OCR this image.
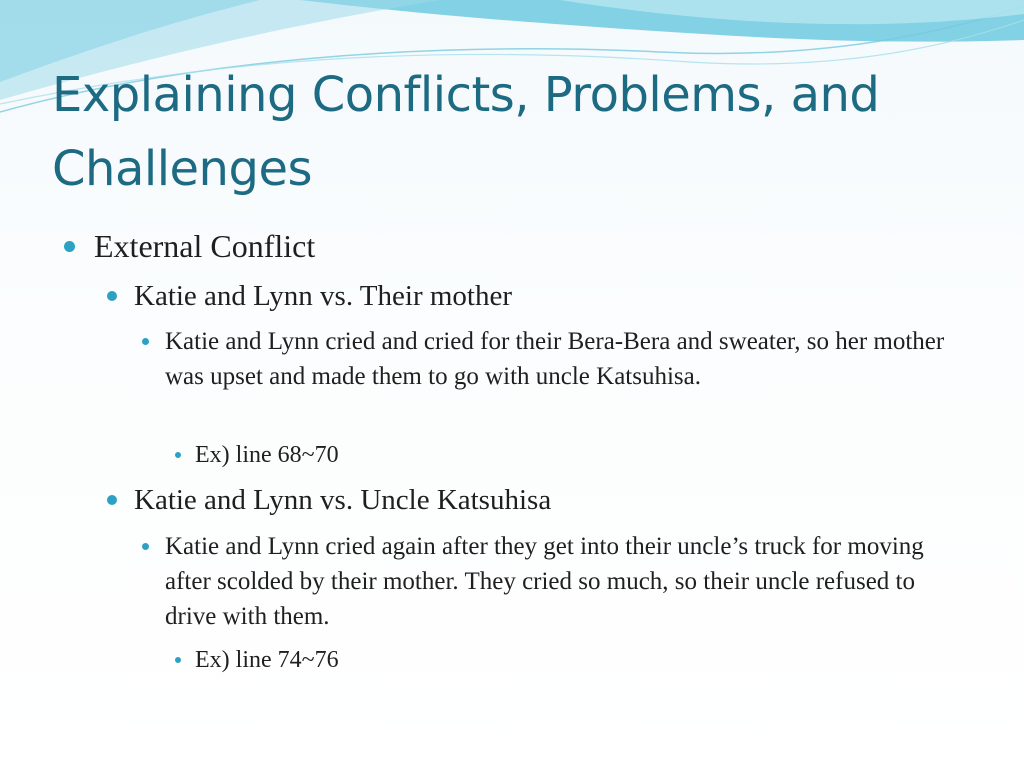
Explaining Conflicts, Problems, and Challenges
External Conflict
Katie and Lynn vs. Their mother
Katie and Lynn cried and cried for their Bera-Bera and sweater, so her mother was upset and made them to go with uncle Katsuhisa.
Ex) line 68~70
Katie and Lynn vs. Uncle Katsuhisa
Katie and Lynn cried again after they get into their uncle’s truck for moving after scolded by their mother. They cried so much, so their uncle refused to drive with them.
Ex) line 74~76
